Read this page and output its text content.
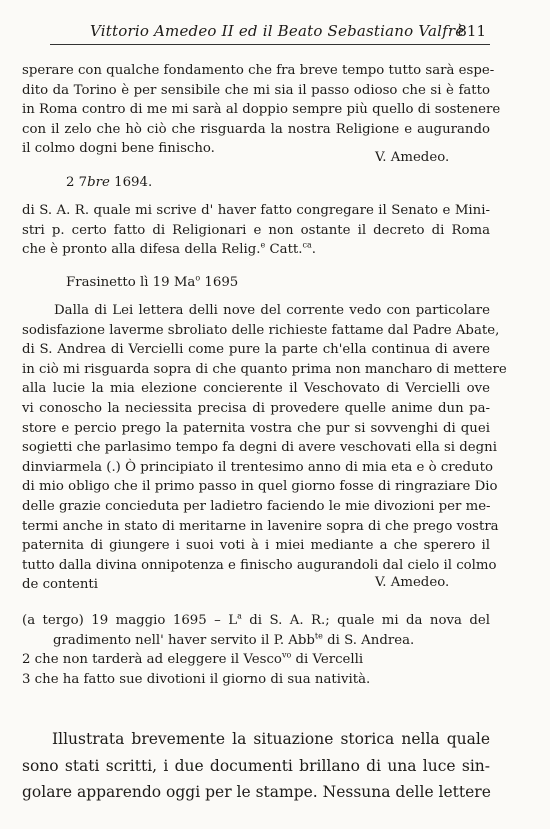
Vittorio Amedeo II ed il Beato Sebastiano Valfrè
811
sperare con qualche fondamento che fra breve tempo tutto sarà espe-
dito da Torino è per sensibile che mi sia il passo odioso che si è fatto
in Roma contro di me mi sarà al doppio sempre più quello di sostenere
con il zelo che hò ciò che risguarda la nostra Religione e augurando
il colmo dogni bene finischo.
V. Amedeo.
2 7bre 1694.
di S. A. R. quale mi scrive d' haver fatto congregare il Senato e Mini-
stri p. certo fatto di Religionari e non ostante il decreto di Roma
che è pronto alla difesa della Relig.$^e$ Catt.$^{ca}$.
Frasinetto lì 19 Ma$^o$ 1695
Dalla di Lei lettera delli nove del corrente vedo con particolare
sodisfazione laverme sbroliato delle richieste fattame dal Padre Abate,
di S. Andrea di Vercielli come pure la parte ch'ella continua di avere
in ciò mi risguarda sopra di che quanto prima non mancharo di mettere
alla lucie la mia elezione concierente il Veschovato di Vercielli ove
vi conoscho la neciessita precisa di provedere quelle anime dun pa-
store e percio prego la paternita vostra che pur si sovvenghi di quei
sogietti che parlasimo tempo fa degni di avere veschovati ella si degni
dinviarmela (.) Ò principiato il trentesimo anno di mia eta e ò creduto
di mio obligo che il primo passo in quel giorno fosse di ringraziare Dio
delle grazie concieduta per ladietro faciendo le mie divozioni per me-
termi anche in stato di meritarne in lavenire sopra di che prego vostra
paternita di giungere i suoi voti à i miei mediante a che sperero il
tutto dalla divina onnipotenza e finischo augurandoli dal cielo il colmo
de contenti	V. Amedeo.
(a tergo) 19 maggio $1695 - L^a$ di S. A. R.; quale mi da nova del
gradimento nell' haver servito il P. Abb$^{te}$ di S. Andrea.
2 che non tarderà ad eleggere il Vesco$^{vo}$ di Vercelli
3 che ha fatto sue divotioni il giorno di sua natività.
Illustrata brevemente la situazione storica nella quale
sono stati scritti, i due documenti brillano di una luce sin-
golare apparendo oggi per le stampe. Nessuna delle lettere
